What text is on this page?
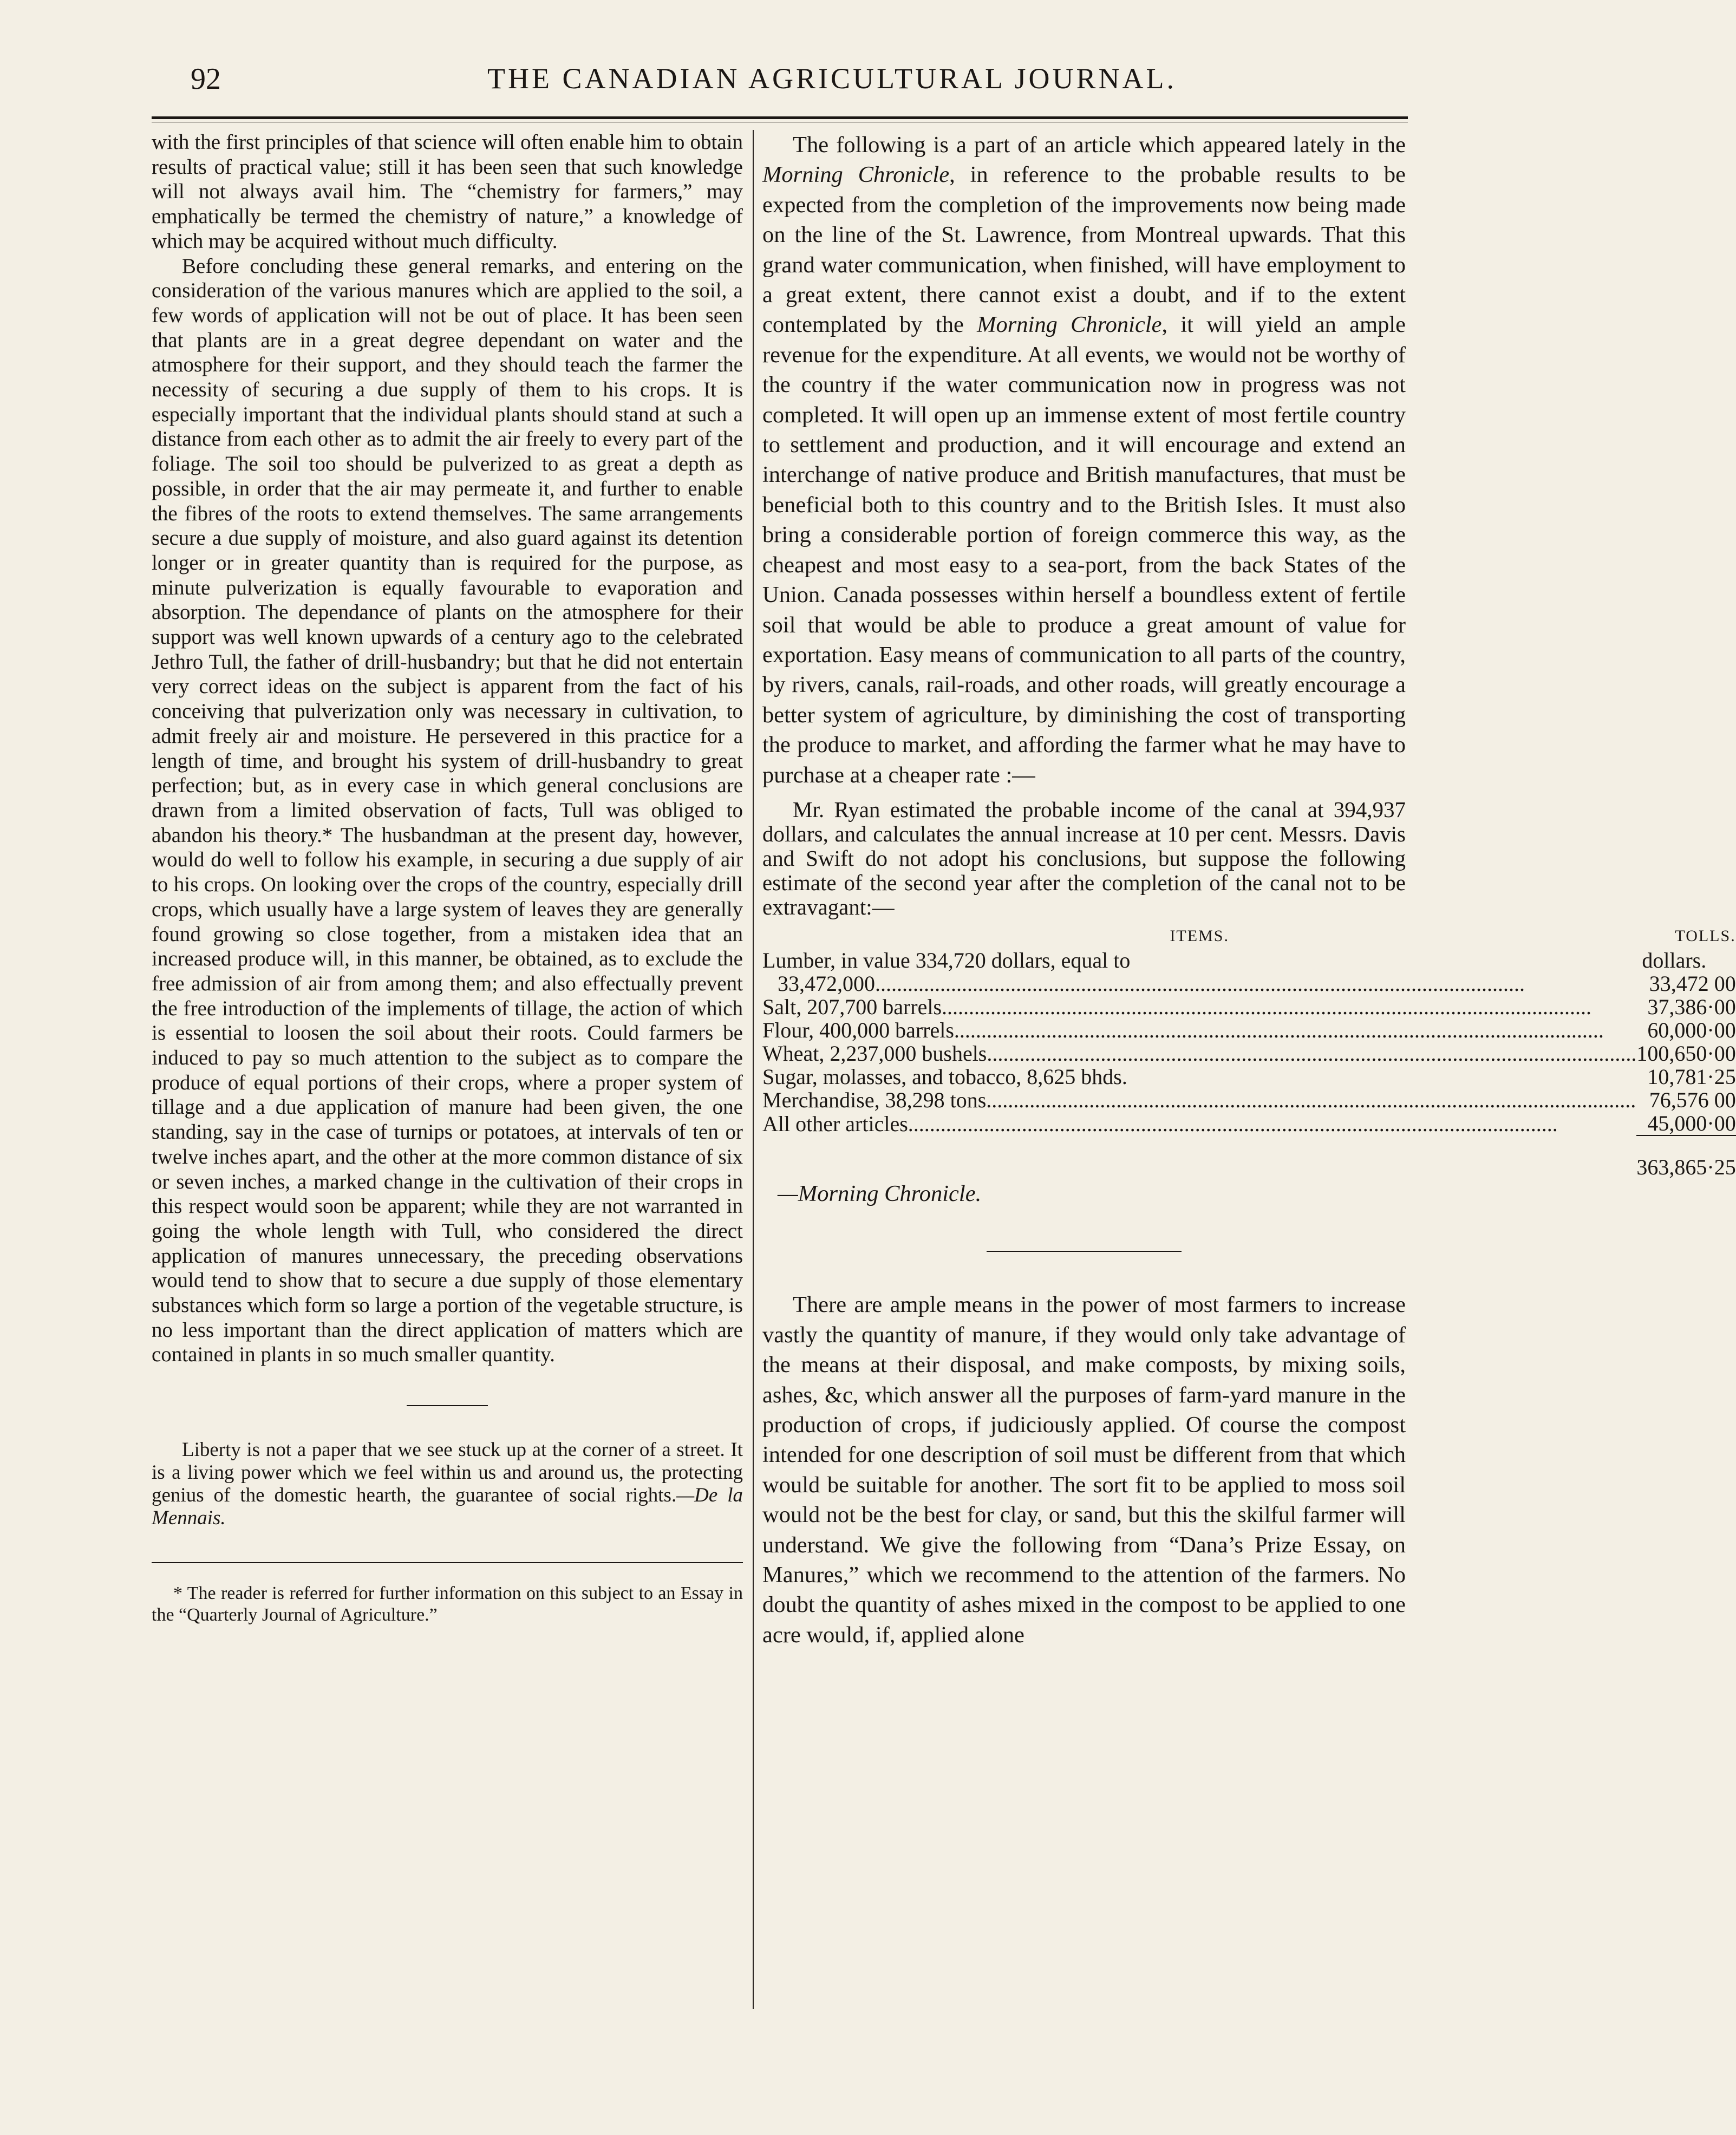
92	THE CANADIAN AGRICULTURAL JOURNAL.

with the first principles of that science will often enable him to obtain results of practical value; still it has been seen that such knowledge will not always avail him. The “chemistry for farmers,” may emphatically be termed the chemistry of nature,” a knowledge of which may be acquired without much difficulty.

Before concluding these general remarks, and entering on the consideration of the various manures which are applied to the soil, a few words of application will not be out of place. It has been seen that plants are in a great degree dependant on water and the atmosphere for their support, and they should teach the farmer the necessity of securing a due supply of them to his crops. It is especially important that the individual plants should stand at such a distance from each other as to admit the air freely to every part of the foliage. The soil too should be pulverized to as great a depth as possible, in order that the air may permeate it, and further to enable the fibres of the roots to extend themselves. The same arrangements secure a due supply of moisture, and also guard against its detention longer or in greater quantity than is required for the purpose, as minute pulverization is equally favourable to evaporation and absorption. The dependance of plants on the atmosphere for their support was well known upwards of a century ago to the celebrated Jethro Tull, the father of drill-husbandry; but that he did not entertain very correct ideas on the subject is apparent from the fact of his conceiving that pulverization only was necessary in cultivation, to admit freely air and moisture. He persevered in this practice for a length of time, and brought his system of drill-husbandry to great perfection; but, as in every case in which general conclusions are drawn from a limited observation of facts, Tull was obliged to abandon his theory.* The husbandman at the present day, however, would do well to follow his example, in securing a due supply of air to his crops. On looking over the crops of the country, especially drill crops, which usually have a large system of leaves they are generally found growing so close together, from a mistaken idea that an increased produce will, in this manner, be obtained, as to exclude the free admission of air from among them; and also effectually prevent the free introduction of the implements of tillage, the action of which is essential to loosen the soil about their roots. Could farmers be induced to pay so much attention to the subject as to compare the produce of equal portions of their crops, where a proper system of tillage and a due application of manure had been given, the one standing, say in the case of turnips or potatoes, at intervals of ten or twelve inches apart, and the other at the more common distance of six or seven inches, a marked change in the cultivation of their crops in this respect would soon be apparent; while they are not warranted in going the whole length with Tull, who considered the direct application of manures unnecessary, the preceding observations would tend to show that to secure a due supply of those elementary substances which form so large a portion of the vegetable structure, is no less important than the direct application of matters which are contained in plants in so much smaller quantity.

Liberty is not a paper that we see stuck up at the corner of a street. It is a living power which we feel within us and around us, the protecting genius of the domestic hearth, the guarantee of social rights.—De la Mennais.

* The reader is referred for further information on this subject to an Essay in the “Quarterly Journal of Agriculture.”

The following is a part of an article which appeared lately in the Morning Chronicle, in reference to the probable results to be expected from the completion of the improvements now being made on the line of the St. Lawrence, from Montreal upwards. That this grand water communication, when finished, will have employment to a great extent, there cannot exist a doubt, and if to the extent contemplated by the Morning Chronicle, it will yield an ample revenue for the expenditure. At all events, we would not be worthy of the country if the water communication now in progress was not completed. It will open up an immense extent of most fertile country to settlement and production, and it will encourage and extend an interchange of native produce and British manufactures, that must be beneficial both to this country and to the British Isles. It must also bring a considerable portion of foreign commerce this way, as the cheapest and most easy to a sea-port, from the back States of the Union. Canada possesses within herself a boundless extent of fertile soil that would be able to produce a great amount of value for exportation. Easy means of communication to all parts of the country, by rivers, canals, rail-roads, and other roads, will greatly encourage a better system of agriculture, by diminishing the cost of transporting the produce to market, and affording the farmer what he may have to purchase at a cheaper rate :—

Mr. Ryan estimated the probable income of the canal at 394,937 dollars, and calculates the annual increase at 10 per cent. Messrs. Davis and Swift do not adopt his conclusions, but suppose the following estimate of the second year after the completion of the canal not to be extravagant:—

ITEMS.	TOLLS.
Lumber, in value 334,720 dollars, equal to	dollars.

33,472,000........................................................................................................................	33,472 00

Salt, 207,700 barrels........................................................................................................................	37,386·00

Flour, 400,000 barrels........................................................................................................................	60,000·00

Wheat, 2,237,000 bushels........................................................................................................................	100,650·00

Sugar, molasses, and tobacco, 8,625 bhds.	10,781·25

Merchandise, 38,298 tons........................................................................................................................	76,576 00

All other articles........................................................................................................................	45,000·00
	363,865·25

—Morning Chronicle.

There are ample means in the power of most farmers to increase vastly the quantity of manure, if they would only take advantage of the means at their disposal, and make composts, by mixing soils, ashes, &c, which answer all the purposes of farm-yard manure in the production of crops, if judiciously applied. Of course the compost intended for one description of soil must be different from that which would be suitable for another. The sort fit to be applied to moss soil would not be the best for clay, or sand, but this the skilful farmer will understand. We give the following from “Dana’s Prize Essay, on Manures,” which we recommend to the attention of the farmers. No doubt the quantity of ashes mixed in the compost to be applied to one acre would, if, applied alone
